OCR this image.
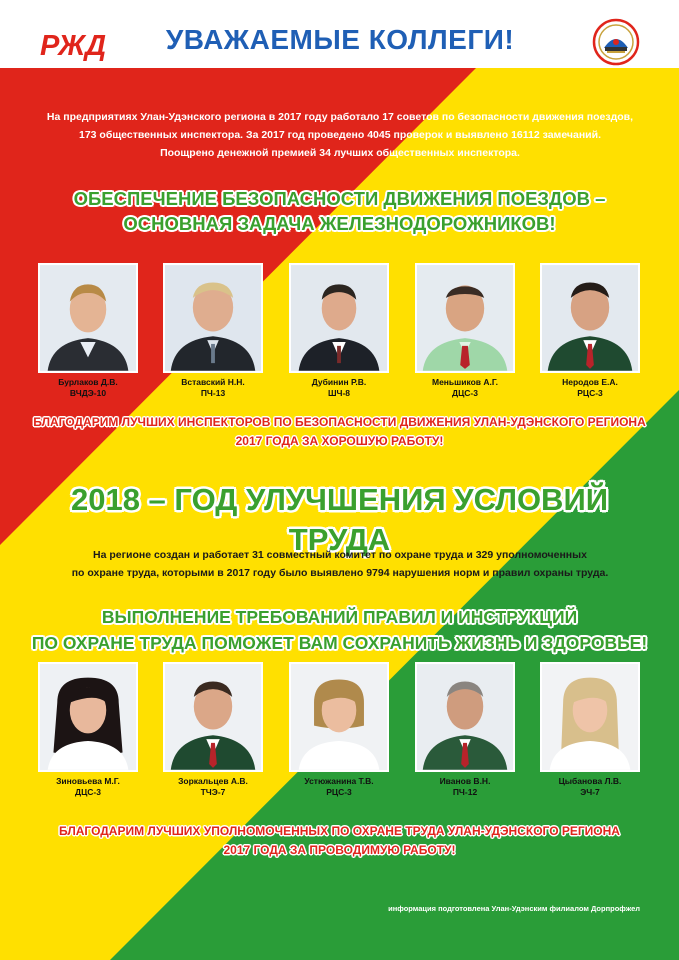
РЖД	УВАЖАЕМЫЕ КОЛЛЕГИ!
На предприятиях Улан-Удэнского региона в 2017 году работало 17 советов по безопасности движения поездов,
173 общественных инспектора. За 2017 год проведено 4045 проверок и выявлено 16112 замечаний.
Поощрено денежной премией 34 лучших общественных инспектора.
ОБЕСПЕЧЕНИЕ БЕЗОПАСНОСТИ ДВИЖЕНИЯ ПОЕЗДОВ –
ОСНОВНАЯ ЗАДАЧА ЖЕЛЕЗНОДОРОЖНИКОВ!
Бурлаков Д.В.
ВЧДЭ-10
Вставский Н.Н.
ПЧ-13
Дубинин Р.В.
ШЧ-8
Меньшиков А.Г.
ДЦС-3
Неродов Е.А.
РЦС-3
БЛАГОДАРИМ ЛУЧШИХ ИНСПЕКТОРОВ ПО БЕЗОПАСНОСТИ ДВИЖЕНИЯ УЛАН-УДЭНСКОГО РЕГИОНА
2017 ГОДА ЗА ХОРОШУЮ РАБОТУ!
2018 – ГОД УЛУЧШЕНИЯ УСЛОВИЙ ТРУДА
На регионе создан и работает 31 совместный комитет по охране труда и 329 уполномоченных
по охране труда, которыми в 2017 году было выявлено 9794 нарушения норм и правил охраны труда.
ВЫПОЛНЕНИЕ ТРЕБОВАНИЙ ПРАВИЛ И ИНСТРУКЦИЙ
ПО ОХРАНЕ ТРУДА ПОМОЖЕТ ВАМ СОХРАНИТЬ ЖИЗНЬ И ЗДОРОВЬЕ!
Зиновьева М.Г.
ДЦС-3
Зоркальцев А.В.
ТЧЭ-7
Устюжанина Т.В.
РЦС-3
Иванов В.Н.
ПЧ-12
Цыбанова Л.В.
ЭЧ-7
БЛАГОДАРИМ ЛУЧШИХ УПОЛНОМОЧЕННЫХ ПО ОХРАНЕ ТРУДА УЛАН-УДЭНСКОГО РЕГИОНА
2017 ГОДА ЗА ПРОВОДИМУЮ РАБОТУ!
информация подготовлена Улан-Удэнским филиалом Дорпрофжел
